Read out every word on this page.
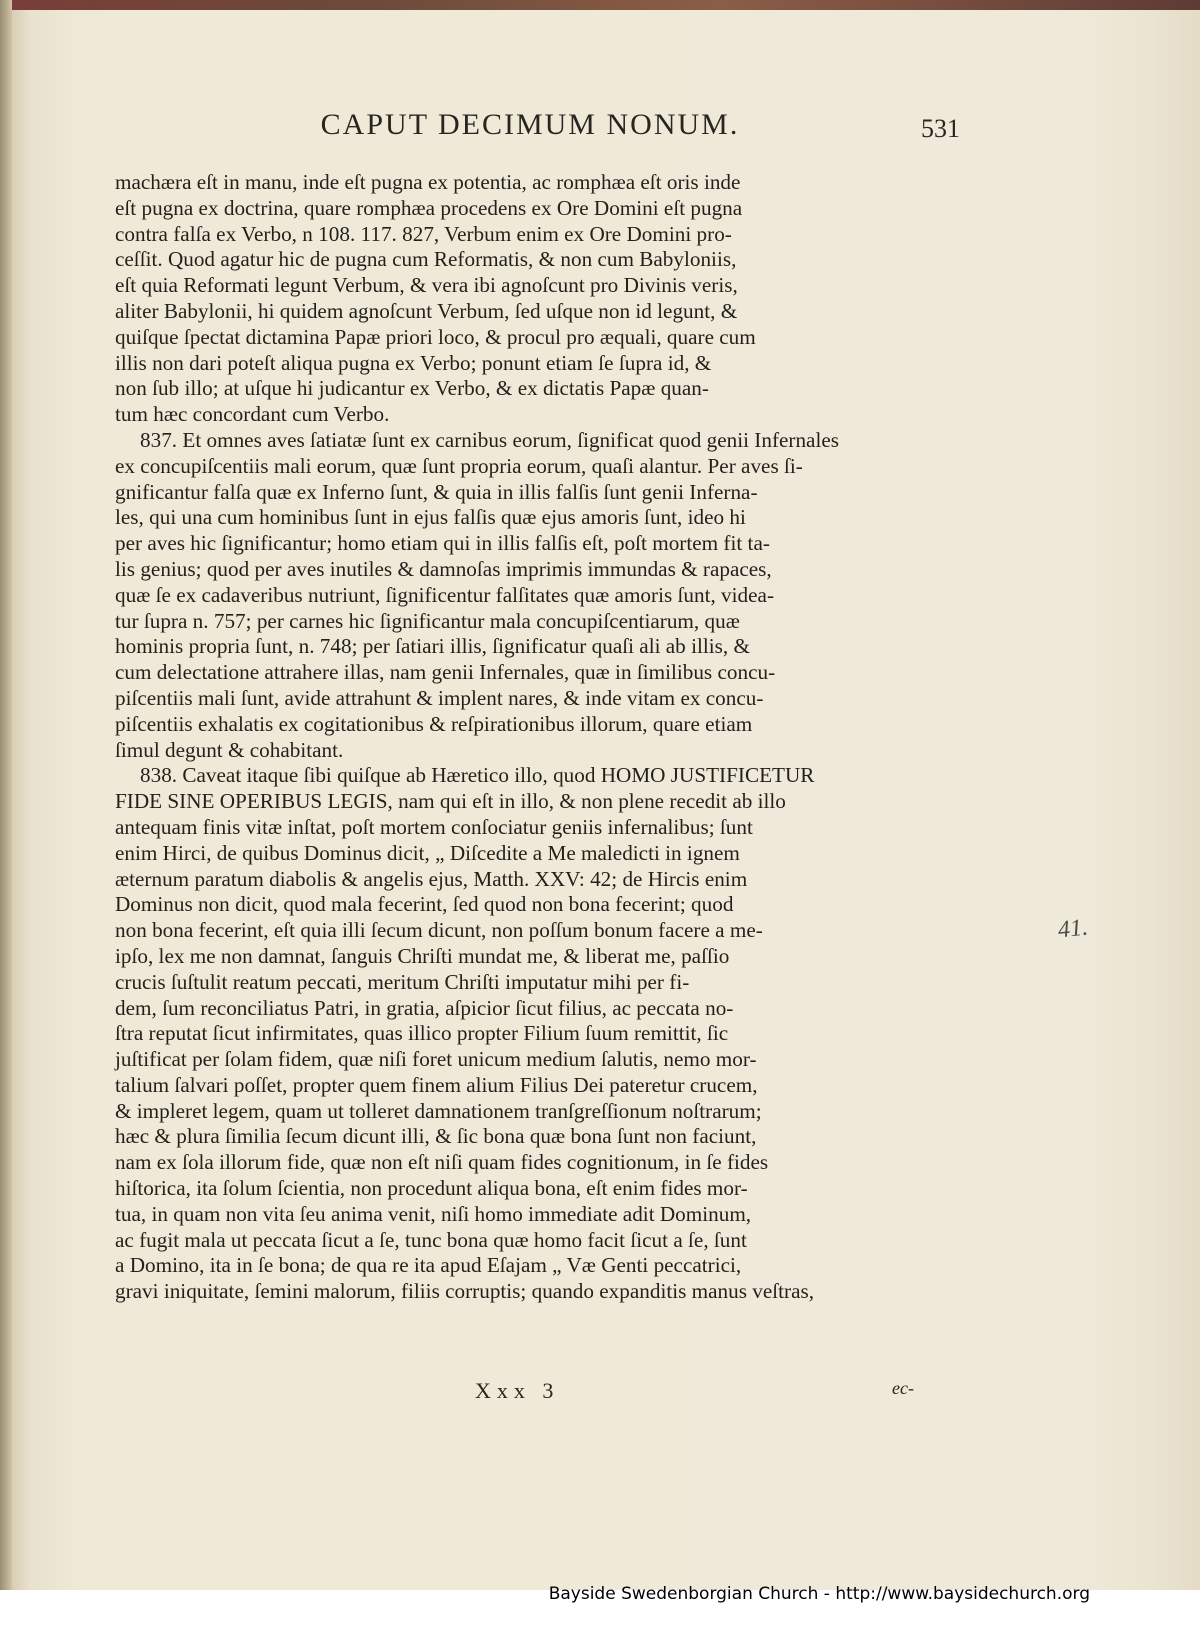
CAPUT DECIMUM NONUM.	531

machæra eſt in manu, inde eſt pugna ex potentia, ac romphæa eſt oris inde

eſt pugna ex doctrina, quare romphæa procedens ex Ore Domini eſt pugna

contra falſa ex Verbo, n 108. 117. 827, Verbum enim ex Ore Domini pro-

ceſſit. Quod agatur hic de pugna cum Reformatis, & non cum Babyloniis,

eſt quia Reformati legunt Verbum, & vera ibi agnoſcunt pro Divinis veris,

aliter Babylonii, hi quidem agnoſcunt Verbum, ſed uſque non id legunt, &

quiſque ſpectat dictamina Papæ priori loco, & procul pro æquali, quare cum

illis non dari poteſt aliqua pugna ex Verbo; ponunt etiam ſe ſupra id, &

non ſub illo; at uſque hi judicantur ex Verbo, & ex dictatis Papæ quan-

tum hæc concordant cum Verbo.

837. Et omnes aves ſatiatæ ſunt ex carnibus eorum, ſignificat quod genii Infernales

ex concupiſcentiis mali eorum, quæ ſunt propria eorum, quaſi alantur. Per aves ſi-

gnificantur falſa quæ ex Inferno ſunt, & quia in illis falſis ſunt genii Inferna-

les, qui una cum hominibus ſunt in ejus falſis quæ ejus amoris ſunt, ideo hi

per aves hic ſignificantur; homo etiam qui in illis falſis eſt, poſt mortem fit ta-

lis genius; quod per aves inutiles & damnoſas imprimis immundas & rapaces,

quæ ſe ex cadaveribus nutriunt, ſignificentur falſitates quæ amoris ſunt, videa-

tur ſupra n. 757; per carnes hic ſignificantur mala concupiſcentiarum, quæ

hominis propria ſunt, n. 748; per ſatiari illis, ſignificatur quaſi ali ab illis, &

cum delectatione attrahere illas, nam genii Infernales, quæ in ſimilibus concu-

piſcentiis mali ſunt, avide attrahunt & implent nares, & inde vitam ex concu-

piſcentiis exhalatis ex cogitationibus & reſpirationibus illorum, quare etiam

ſimul degunt & cohabitant.

838. Caveat itaque ſibi quiſque ab Hæretico illo, quod HOMO JUSTIFICETUR

FIDE SINE OPERIBUS LEGIS, nam qui eſt in illo, & non plene recedit ab illo

antequam finis vitæ inſtat, poſt mortem conſociatur geniis infernalibus; ſunt

enim Hirci, de quibus Dominus dicit, „ Diſcedite a Me maledicti in ignem

æternum paratum diabolis & angelis ejus, Matth. XXV: 42; de Hircis enim

Dominus non dicit, quod mala fecerint, ſed quod non bona fecerint; quod

non bona fecerint, eſt quia illi ſecum dicunt, non poſſum bonum facere a me-

ipſo, lex me non damnat, ſanguis Chriſti mundat me, & liberat me, paſſio

crucis ſuſtulit reatum peccati, meritum Chriſti imputatur mihi per fi-

dem, ſum reconciliatus Patri, in gratia, aſpicior ſicut filius, ac peccata no-

ſtra reputat ſicut infirmitates, quas illico propter Filium ſuum remittit, ſic

juſtificat per ſolam fidem, quæ niſi foret unicum medium ſalutis, nemo mor-

talium ſalvari poſſet, propter quem finem alium Filius Dei pateretur crucem,

& impleret legem, quam ut tolleret damnationem tranſgreſſionum noſtrarum;

hæc & plura ſimilia ſecum dicunt illi, & ſic bona quæ bona ſunt non faciunt,

nam ex ſola illorum fide, quæ non eſt niſi quam fides cognitionum, in ſe fides

hiſtorica, ita ſolum ſcientia, non procedunt aliqua bona, eſt enim fides mor-

tua, in quam non vita ſeu anima venit, niſi homo immediate adit Dominum,

ac fugit mala ut peccata ſicut a ſe, tunc bona quæ homo facit ſicut a ſe, ſunt

a Domino, ita in ſe bona; de qua re ita apud Eſajam „ Væ Genti peccatrici,

gravi iniquitate, ſemini malorum, filiis corruptis; quando expanditis manus veſtras,

Xxx 3	ec-
41.
Bayside Swedenborgian Church - http://www.baysidechurch.org
